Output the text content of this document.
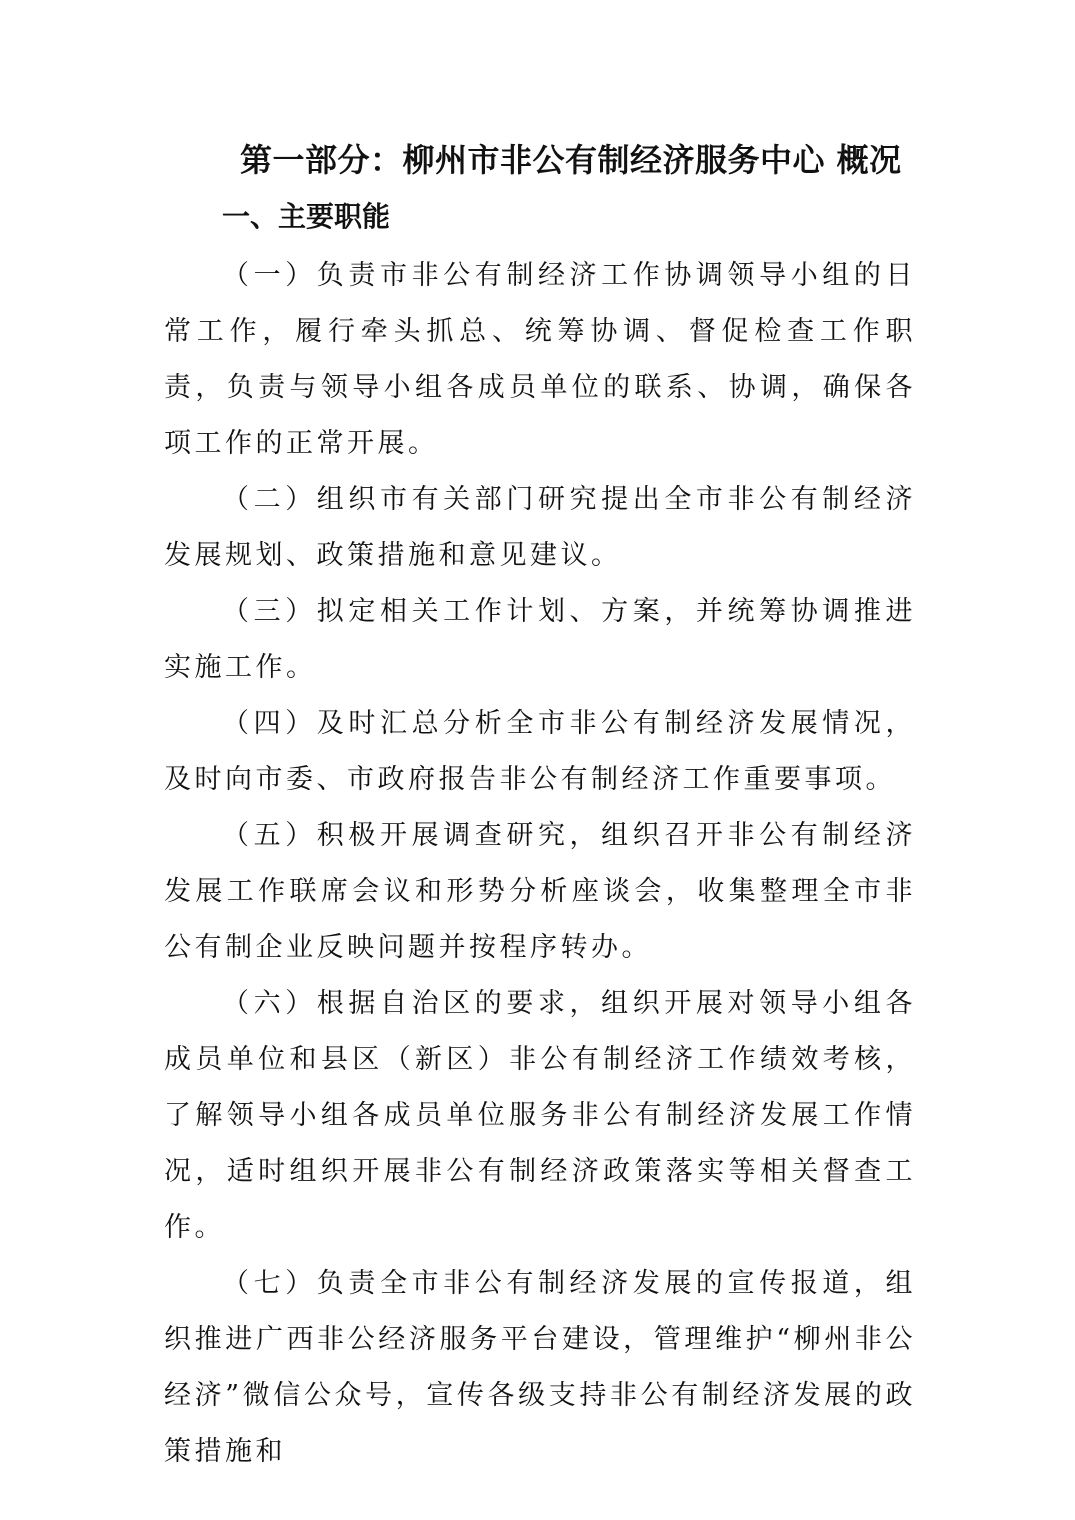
第一部分：柳州市非公有制经济服务中心 概况
一、主要职能

（一）负责市非公有制经济工作协调领导小组的日常工作，履行牵头抓总、统筹协调、督促检查工作职责，负责与领导小组各成员单位的联系、协调，确保各项工作的正常开展。

（二）组织市有关部门研究提出全市非公有制经济发展规划、政策措施和意见建议。

（三）拟定相关工作计划、方案，并统筹协调推进实施工作。

（四）及时汇总分析全市非公有制经济发展情况，及时向市委、市政府报告非公有制经济工作重要事项。

（五）积极开展调查研究，组织召开非公有制经济发展工作联席会议和形势分析座谈会，收集整理全市非公有制企业反映问题并按程序转办。

（六）根据自治区的要求，组织开展对领导小组各成员单位和县区（新区）非公有制经济工作绩效考核，了解领导小组各成员单位服务非公有制经济发展工作情况，适时组织开展非公有制经济政策落实等相关督查工作。

（七）负责全市非公有制经济发展的宣传报道，组织推进广西非公经济服务平台建设，管理维护“柳州非公经济”微信公众号，宣传各级支持非公有制经济发展的政策措施和
